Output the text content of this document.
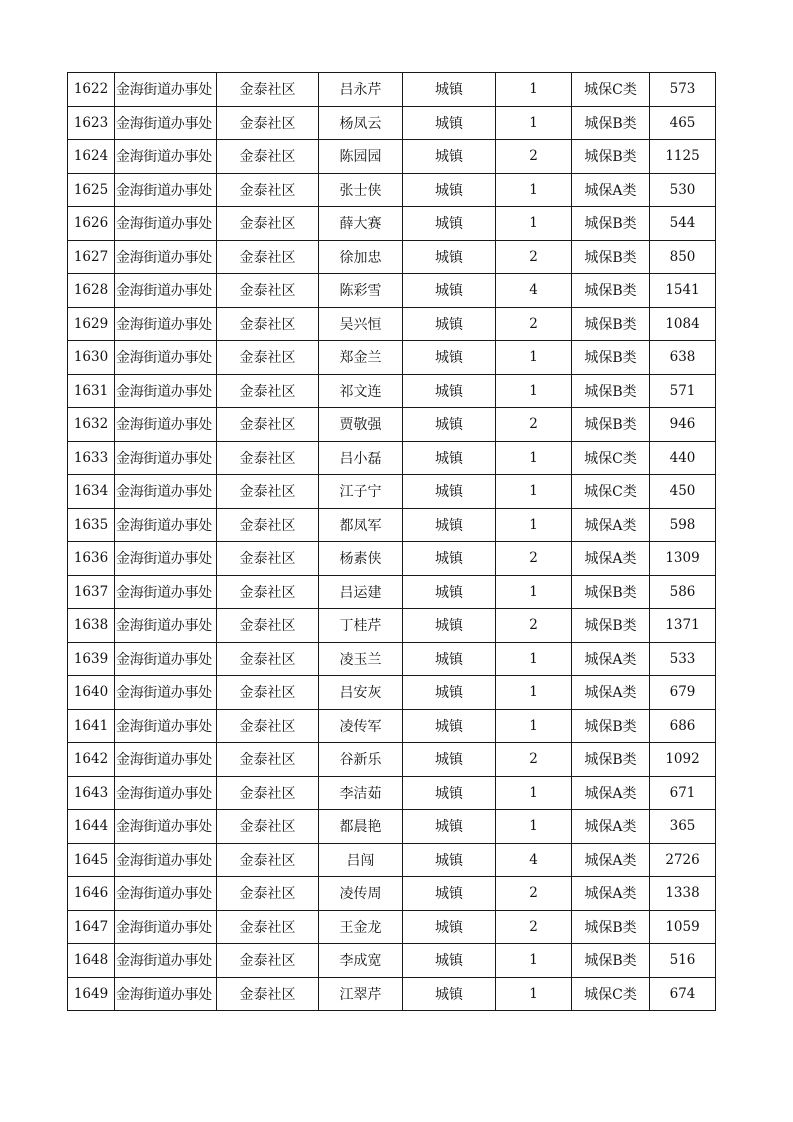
1622	金海街道办事处	金泰社区	吕永芹	城镇	1	城保C类	573
1623	金海街道办事处	金泰社区	杨凤云	城镇	1	城保B类	465
1624	金海街道办事处	金泰社区	陈园园	城镇	2	城保B类	1125
1625	金海街道办事处	金泰社区	张士侠	城镇	1	城保A类	530
1626	金海街道办事处	金泰社区	薛大赛	城镇	1	城保B类	544
1627	金海街道办事处	金泰社区	徐加忠	城镇	2	城保B类	850
1628	金海街道办事处	金泰社区	陈彩雪	城镇	4	城保B类	1541
1629	金海街道办事处	金泰社区	吴兴恒	城镇	2	城保B类	1084
1630	金海街道办事处	金泰社区	郑金兰	城镇	1	城保B类	638
1631	金海街道办事处	金泰社区	祁文连	城镇	1	城保B类	571
1632	金海街道办事处	金泰社区	贾敬强	城镇	2	城保B类	946
1633	金海街道办事处	金泰社区	吕小磊	城镇	1	城保C类	440
1634	金海街道办事处	金泰社区	江子宁	城镇	1	城保C类	450
1635	金海街道办事处	金泰社区	都凤军	城镇	1	城保A类	598
1636	金海街道办事处	金泰社区	杨素侠	城镇	2	城保A类	1309
1637	金海街道办事处	金泰社区	吕运建	城镇	1	城保B类	586
1638	金海街道办事处	金泰社区	丁桂芹	城镇	2	城保B类	1371
1639	金海街道办事处	金泰社区	凌玉兰	城镇	1	城保A类	533
1640	金海街道办事处	金泰社区	吕安灰	城镇	1	城保A类	679
1641	金海街道办事处	金泰社区	凌传军	城镇	1	城保B类	686
1642	金海街道办事处	金泰社区	谷新乐	城镇	2	城保B类	1092
1643	金海街道办事处	金泰社区	李洁茹	城镇	1	城保A类	671
1644	金海街道办事处	金泰社区	都晨艳	城镇	1	城保A类	365
1645	金海街道办事处	金泰社区	吕闯	城镇	4	城保A类	2726
1646	金海街道办事处	金泰社区	凌传周	城镇	2	城保A类	1338
1647	金海街道办事处	金泰社区	王金龙	城镇	2	城保B类	1059
1648	金海街道办事处	金泰社区	李成宽	城镇	1	城保B类	516
1649	金海街道办事处	金泰社区	江翠芹	城镇	1	城保C类	674
